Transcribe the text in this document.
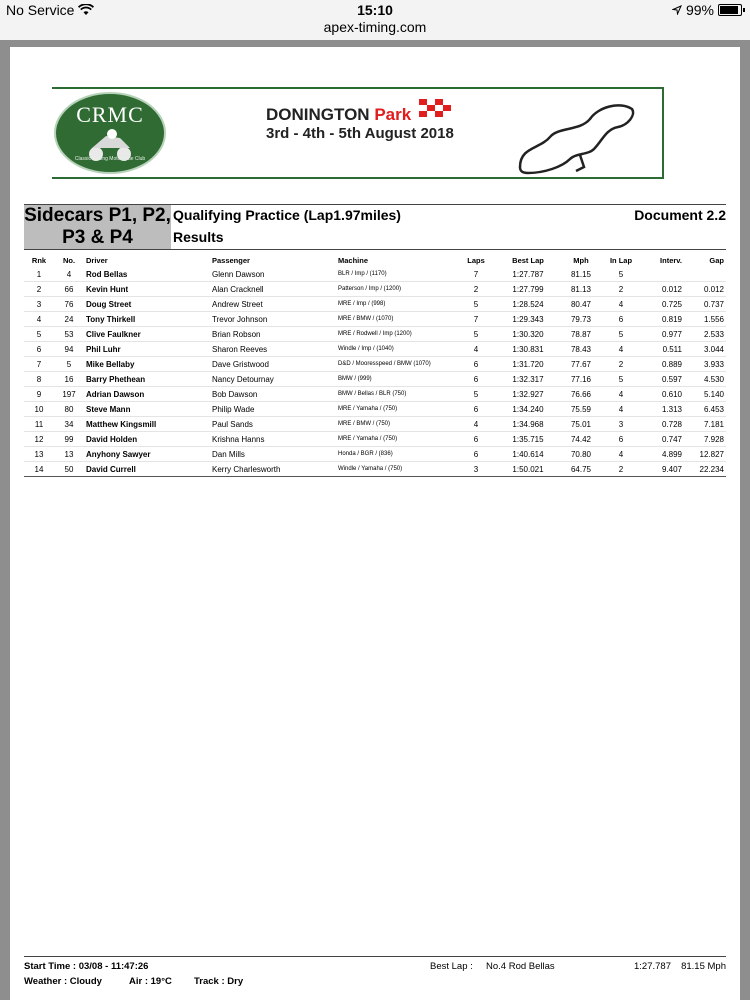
No Service	15:10
apex-timing.com
99%
CRMC
Classic Racing Motorcycle Club
DONINGTON Park
3rd - 4th - 5th August 2018
Sidecars P1, P2, P3 & P4
Qualifying Practice (Lap1.97miles)
Results
Document 2.2
Rnk	No.	Driver	Passenger	Machine	Laps	Best Lap	Mph	In Lap	Interv.	Gap
1	4	Rod Bellas	Glenn Dawson	BLR / Imp / (1170)	7	1:27.787	81.15	5		
2	66	Kevin Hunt	Alan Cracknell	Patterson / Imp / (1200)	2	1:27.799	81.13	2	0.012	0.012
3	76	Doug Street	Andrew Street	MRE / Imp / (998)	5	1:28.524	80.47	4	0.725	0.737
4	24	Tony Thirkell	Trevor Johnson	MRE / BMW / (1070)	7	1:29.343	79.73	6	0.819	1.556
5	53	Clive Faulkner	Brian Robson	MRE / Rodwell / Imp (1200)	5	1:30.320	78.87	5	0.977	2.533
6	94	Phil Luhr	Sharon Reeves	Windle / Imp / (1040)	4	1:30.831	78.43	4	0.511	3.044
7	5	Mike Bellaby	Dave Gristwood	D&D / Mooresspeed / BMW (1070)	6	1:31.720	77.67	2	0.889	3.933
8	16	Barry Phethean	Nancy Detournay	BMW / (999)	6	1:32.317	77.16	5	0.597	4.530
9	197	Adrian Dawson	Bob Dawson	BMW / Bellas / BLR (750)	5	1:32.927	76.66	4	0.610	5.140
10	80	Steve Mann	Philip Wade	MRE / Yamaha / (750)	6	1:34.240	75.59	4	1.313	6.453
11	34	Matthew Kingsmill	Paul Sands	MRE / BMW / (750)	4	1:34.968	75.01	3	0.728	7.181
12	99	David Holden	Krishna Hanns	MRE / Yamaha / (750)	6	1:35.715	74.42	6	0.747	7.928
13	13	Anyhony Sawyer	Dan Mills	Honda / BGR / (836)	6	1:40.614	70.80	4	4.899	12.827
14	50	David Currell	Kerry Charlesworth	Windle / Yamaha / (750)	3	1:50.021	64.75	2	9.407	22.234
Start Time : 03/08 - 11:47:26	Best Lap : No.4 Rod Bellas	1:27.787 81.15 Mph
Weather : Cloudy	Air : 19°C Track : Dry
